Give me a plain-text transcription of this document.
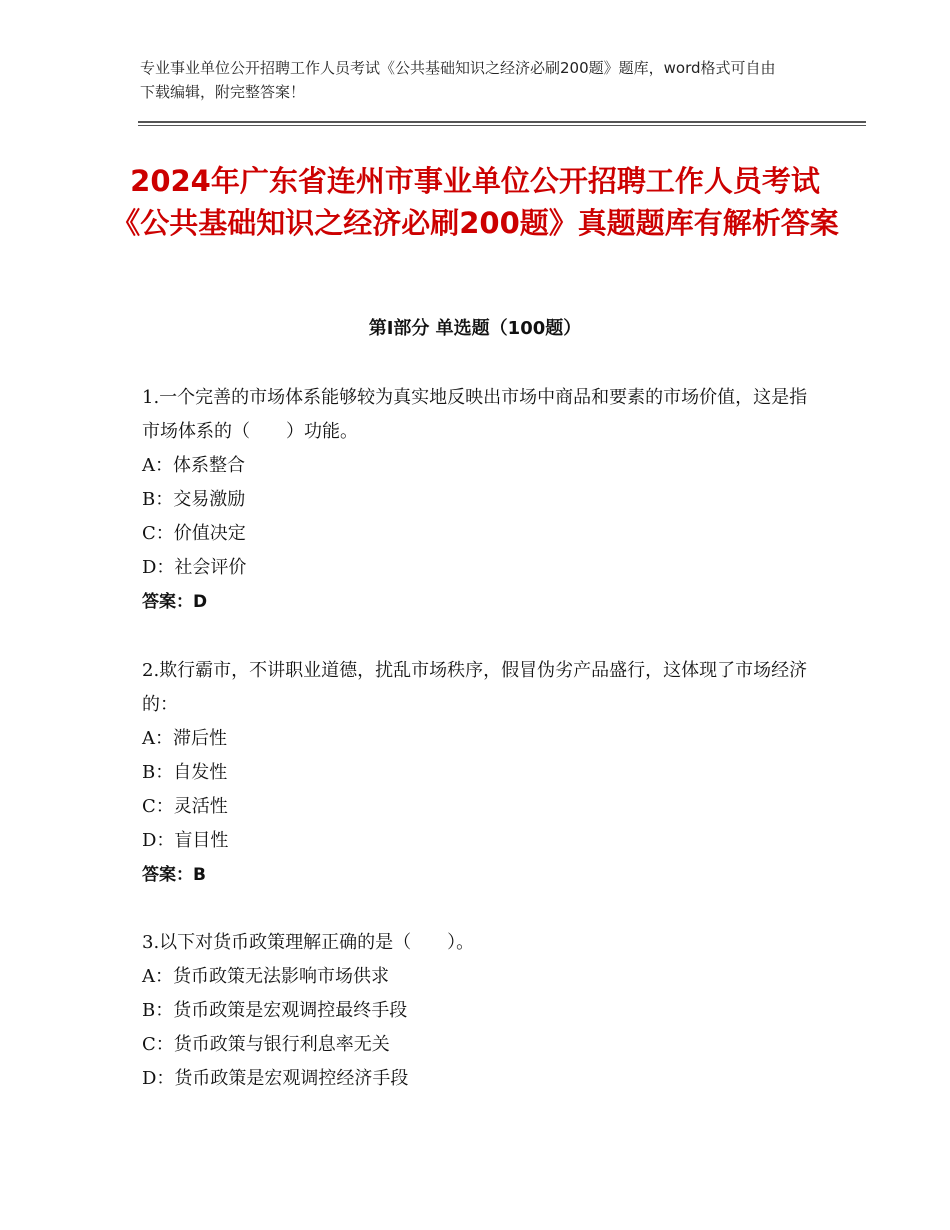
专业事业单位公开招聘工作人员考试《公共基础知识之经济必刷200题》题库，word格式可自由下载编辑，附完整答案！
2024年广东省连州市事业单位公开招聘工作人员考试《公共基础知识之经济必刷200题》真题题库有解析答案
第Ⅰ部分 单选题（100题）

1.一个完善的市场体系能够较为真实地反映出市场中商品和要素的市场价值，这是指市场体系的（　　）功能。

A：体系整合

B：交易激励

C：价值决定

D：社会评价

答案：D

2.欺行霸市，不讲职业道德，扰乱市场秩序，假冒伪劣产品盛行，这体现了市场经济的：

A：滞后性

B：自发性

C：灵活性

D：盲目性

答案：B

3.以下对货币政策理解正确的是（　　）。

A：货币政策无法影响市场供求

B：货币政策是宏观调控最终手段

C：货币政策与银行利息率无关

D：货币政策是宏观调控经济手段
